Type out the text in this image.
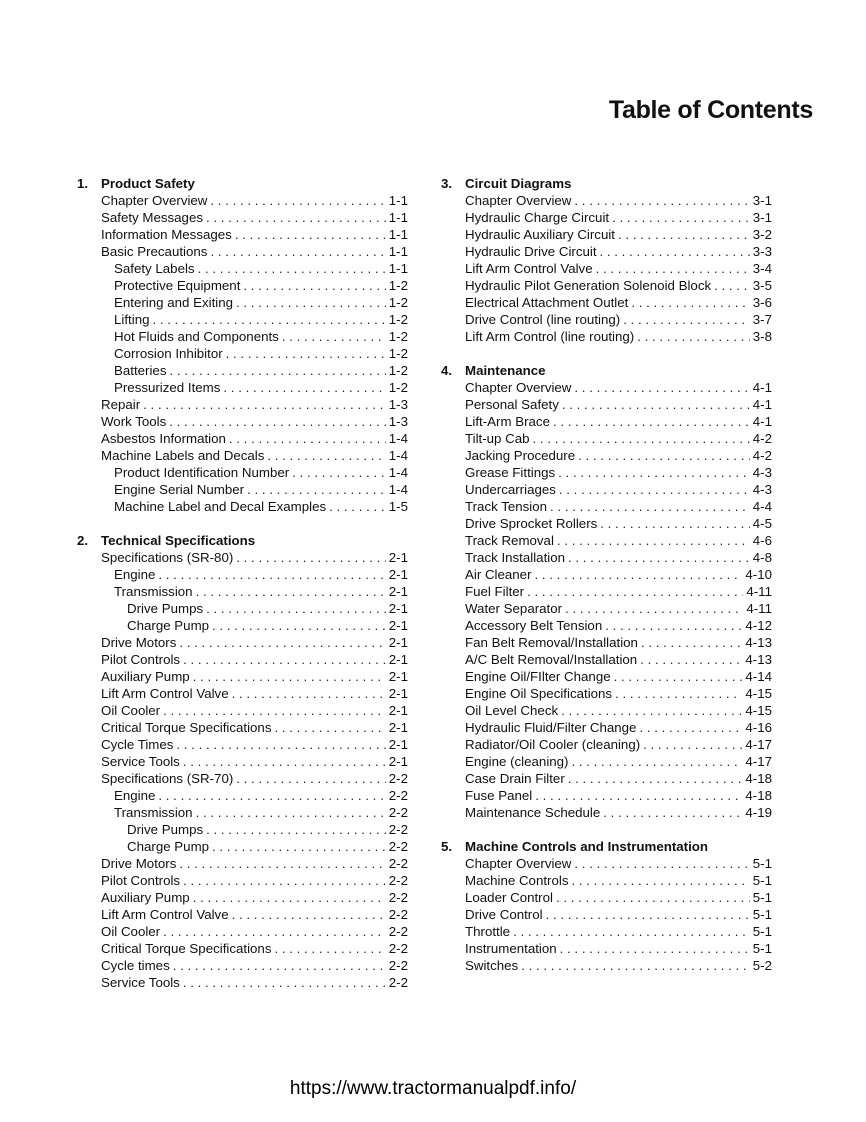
Table of Contents
1. Product Safety
Chapter Overview . . .	1-1
Safety Messages . . .	1-1
Information Messages . . .	1-1
Basic Precautions . . .	1-1
Safety Labels . . .	1-1
Protective Equipment . . .	1-2
Entering and Exiting . . .	1-2
Lifting . . .	1-2
Hot Fluids and Components . . .	1-2
Corrosion Inhibitor . . .	1-2
Batteries . . .	1-2
Pressurized Items . . .	1-2
Repair . . .	1-3
Work Tools . . .	1-3
Asbestos Information . . .	1-4
Machine Labels and Decals . . .	1-4
Product Identification Number . . .	1-4
Engine Serial Number . . .	1-4
Machine Label and Decal Examples . . .	1-5
2. Technical Specifications
Specifications (SR-80) . . .	2-1
Engine . . .	2-1
Transmission . . .	2-1
Drive Pumps . . .	2-1
Charge Pump . . .	2-1
Drive Motors . . .	2-1
Pilot Controls . . .	2-1
Auxiliary Pump . . .	2-1
Lift Arm Control Valve . . .	2-1
Oil Cooler . . .	2-1
Critical Torque Specifications . . .	2-1
Cycle Times . . .	2-1
Service Tools . . .	2-1
Specifications (SR-70) . . .	2-2
Engine . . .	2-2
Transmission . . .	2-2
Drive Pumps . . .	2-2
Charge Pump . . .	2-2
Drive Motors . . .	2-2
Pilot Controls . . .	2-2
Auxiliary Pump . . .	2-2
Lift Arm Control Valve . . .	2-2
Oil Cooler . . .	2-2
Critical Torque Specifications . . .	2-2
Cycle times . . .	2-2
Service Tools . . .	2-2
3. Circuit Diagrams
Chapter Overview . . .	3-1
Hydraulic Charge Circuit . . .	3-1
Hydraulic Auxiliary Circuit . . .	3-2
Hydraulic Drive Circuit . . .	3-3
Lift Arm Control Valve . . .	3-4
Hydraulic Pilot Generation Solenoid Block . . .	3-5
Electrical Attachment Outlet . . .	3-6
Drive Control (line routing) . . .	3-7
Lift Arm Control (line routing) . . .	3-8
4. Maintenance
Chapter Overview . . .	4-1
Personal Safety . . .	4-1
Lift-Arm Brace . . .	4-1
Tilt-up Cab . . .	4-2
Jacking Procedure . . .	4-2
Grease Fittings . . .	4-3
Undercarriages . . .	4-3
Track Tension . . .	4-4
Drive Sprocket Rollers . . .	4-5
Track Removal . . .	4-6
Track Installation . . .	4-8
Air Cleaner . . .	4-10
Fuel Filter . . .	4-11
Water Separator . . .	4-11
Accessory Belt Tension . . .	4-12
Fan Belt Removal/Installation . . .	4-13
A/C Belt Removal/Installation . . .	4-13
Engine Oil/FIlter Change . . .	4-14
Engine Oil Specifications . . .	4-15
Oil Level Check . . .	4-15
Hydraulic Fluid/Filter Change . . .	4-16
Radiator/Oil Cooler (cleaning) . . .	4-17
Engine (cleaning) . . .	4-17
Case Drain Filter . . .	4-18
Fuse Panel . . .	4-18
Maintenance Schedule . . .	4-19
5. Machine Controls and Instrumentation
Chapter Overview . . .	5-1
Machine Controls . . .	5-1
Loader Control . . .	5-1
Drive Control . . .	5-1
Throttle . . .	5-1
Instrumentation . . .	5-1
Switches . . .	5-2
https://www.tractormanualpdf.info/
